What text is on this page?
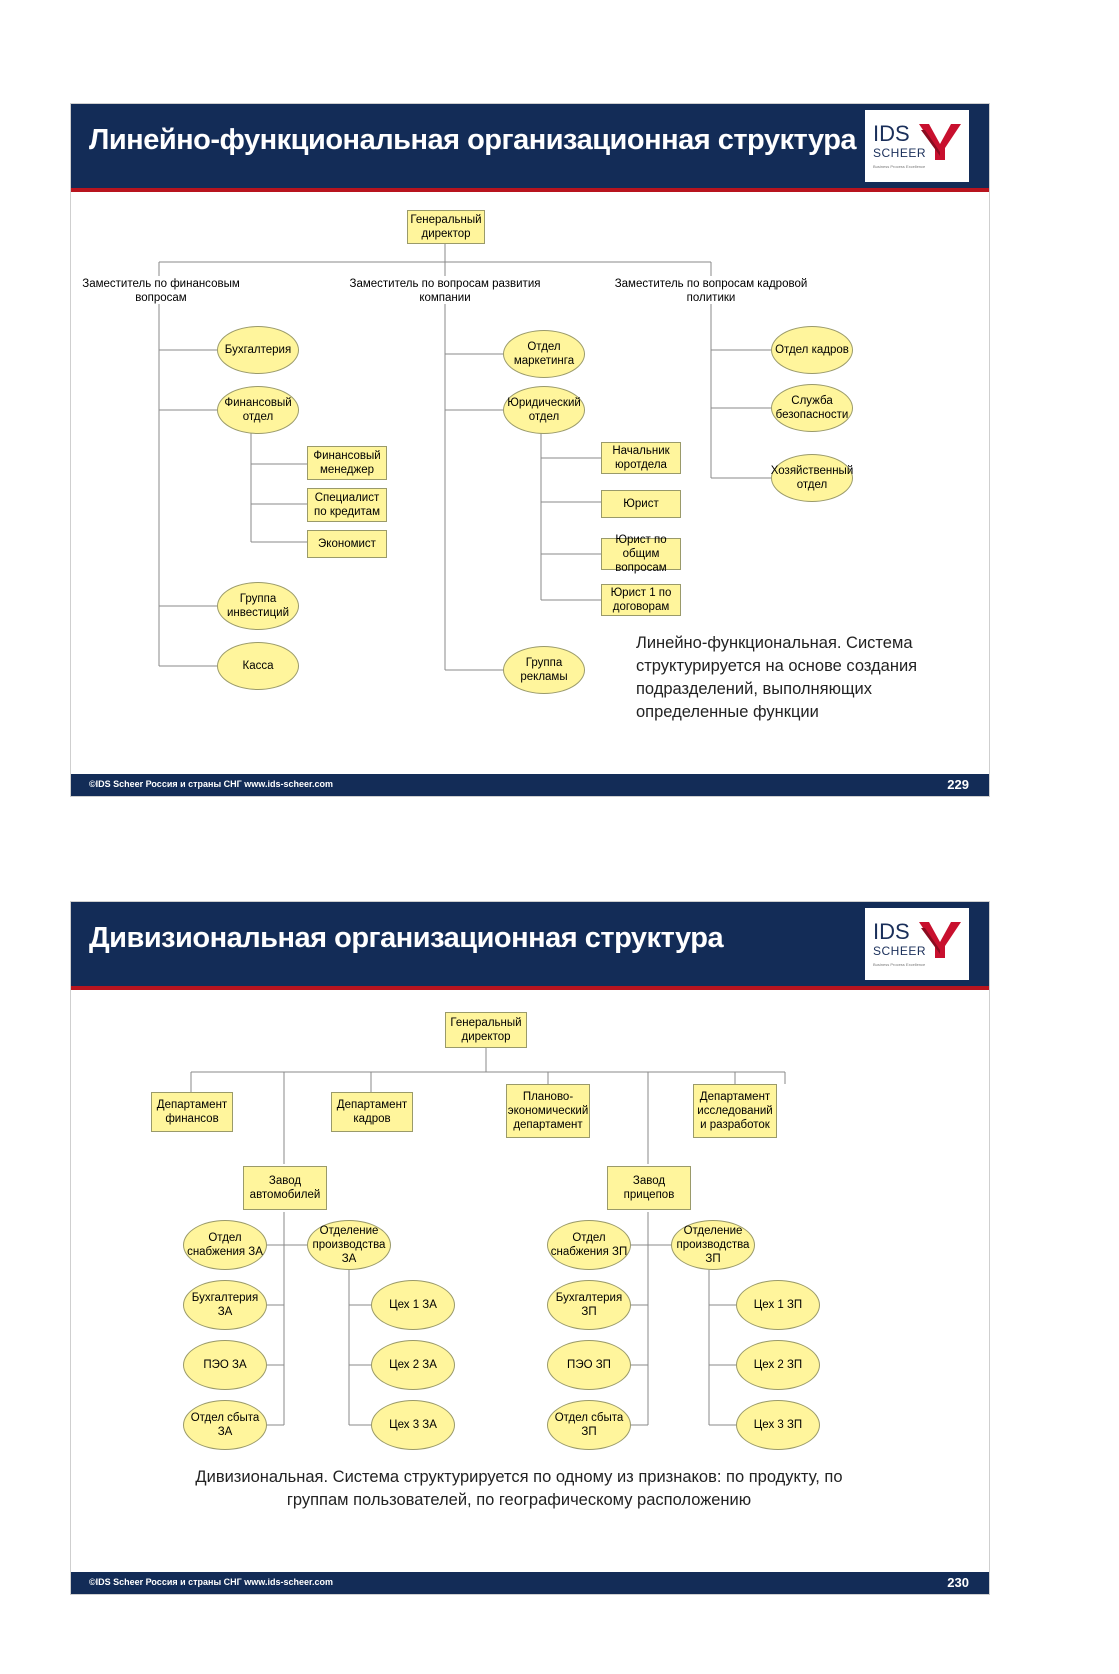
Линейно-функциональная организационная структура IDS
SCHEER
Business Process Excellence
Генеральный директор
Заместитель по финансовым вопросам
Заместитель по вопросам развития компании
Заместитель по вопросам кадровой политики
Бухгалтерия
Финансовый отдел
Финансовый менеджер
Специалист по кредитам
Экономист
Группа инвестиций
Касса
Отдел маркетинга
Юридический отдел
Начальник юротдела
Юрист
Юрист по общим вопросам
Юрист 1 по договорам
Группа рекламы
Отдел кадров
Служба безопасности
Хозяйственный отдел
Линейно-функциональная. Система структурируется на основе создания подразделений, выполняющих определенные функции
©IDS Scheer Россия и страны СНГ www.ids-scheer.com	229
Дивизиональная организационная структура	IDS
SCHEER
Business Process Excellence
Генеральный директор
Департамент финансов
Департамент кадров
Планово-экономический департамент
Департамент исследований и разработок
Завод автомобилей
Завод прицепов
Отдел снабжения ЗА
Отделение производства ЗА
Бухгалтерия ЗА
ПЭО ЗА
Отдел сбыта ЗА
Цех 1 ЗА
Цех 2 ЗА
Цех 3 ЗА
Отдел снабжения ЗП
Отделение производства ЗП
Бухгалтерия ЗП
ПЭО ЗП
Отдел сбыта ЗП
Цех 1 ЗП
Цех 2 ЗП
Цех 3 ЗП
Дивизиональная. Система структурируется по одному из признаков: по продукту, по группам пользователей, по географическому расположению
©IDS Scheer Россия и страны СНГ www.ids-scheer.com	230
